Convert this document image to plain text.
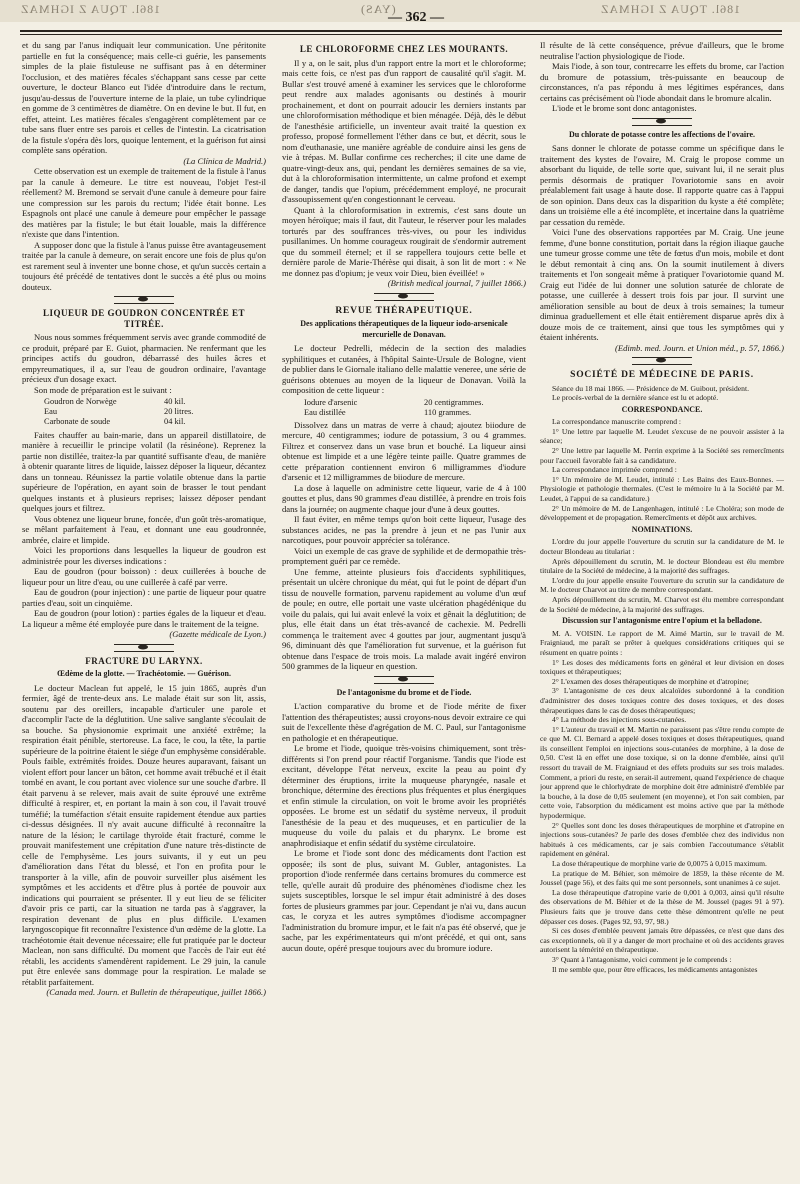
186l. TQUA Z IGHMAZ	(YAS)	186l. TQUA Z IGHMAZ
— 362 —

et du sang par l'anus indiquait leur communication. Une péritonite partielle en fut la conséquence; mais celle-ci guérie, les pansements simples de la plaie fistuleuse ne suffisant pas à en déterminer l'occlusion, et des matières fécales s'échappant sans cesse par cette ouverture, le docteur Blanco eut l'idée d'introduire dans le rectum, jusqu'au-dessus de l'ouverture interne de la plaie, un tube cylindrique en gomme de 3 centimètres de diamètre. On en devine le but. Il fut, en effet, atteint. Les matières fécales s'engagèrent complètement par ce tube sans fluer entre ses parois et celles de l'intestin. La cicatrisation de la fistule s'opéra dès lors, quoique lentement, et la guérison fut ainsi complète sans opération.

(La Clínica de Madrid.)

Cette observation est un exemple de traitement de la fistule à l'anus par la canule à demeure. Le titre est nouveau, l'objet l'est-il réellement? M. Bremond se servait d'une canule à demeure pour faire une compression sur les parois du rectum; l'idée était bonne. Les Espagnols ont placé une canule à demeure pour empêcher le passage des matières par la fistule; le but était louable, mais la différence n'existe que dans l'intention.

A supposer donc que la fistule à l'anus puisse être avantageusement traitée par la canule à demeure, on serait encore une fois de plus qu'on est rarement seul à inventer une bonne chose, et qu'un succès certain a toujours été précédé de tentatives dont le succès a été plus ou moins douteux.

LIQUEUR DE GOUDRON CONCENTRÉE ET TITRÉE.

Nous nous sommes fréquemment servis avec grande commodité de ce produit, préparé par E. Guiot, pharmacien. Ne renfermant que les principes actifs du goudron, débarrassé des huiles âcres et empyreumatiques, il a, sur l'eau de goudron ordinaire, l'avantage précieux d'un dosage exact.

Son mode de préparation est le suivant :

Goudron de Norwège	40 kil.
Eau	20 litres.
Carbonate de soude	04 kil.

Faites chauffer au bain-marie, dans un appareil distillatoire, de manière à recueillir le principe volatil (la résinéone). Reprenez la partie non distillée, traitez-la par quantité suffisante d'eau, de manière à obtenir quarante litres de liquide, laissez déposer la liqueur, décantez dans un tonneau. Réunissez la partie volatile obtenue dans la partie supérieure de l'opération, en ayant soin de brasser le tout pendant quelques instants et à plusieurs reprises; laissez déposer pendant quelques jours et filtrez.

Vous obtenez une liqueur brune, foncée, d'un goût très-aromatique, se mêlant parfaitement à l'eau, et donnant une eau goudronnée, ambrée, claire et limpide.

Voici les proportions dans lesquelles la liqueur de goudron est administrée pour les diverses indications :

Eau de goudron (pour boisson) : deux cuillerées à bouche de liqueur pour un litre d'eau, ou une cuillerée à café par verre.

Eau de goudron (pour injection) : une partie de liqueur pour quatre parties d'eau, soit un cinquième.

Eau de goudron (pour lotion) : parties égales de la liqueur et d'eau. La liqueur a même été employée pure dans le traitement de la teigne.

(Gazette médicale de Lyon.)
FRACTURE DU LARYNX.
Œdème de la glotte. — Trachéotomie. — Guérison.

Le docteur Maclean fut appelé, le 15 juin 1865, auprès d'un fermier, âgé de trente-deux ans. Le malade était sur son lit, assis, soutenu par des oreillers, incapable d'articuler une parole et d'accomplir l'acte de la déglutition. Une salive sanglante s'écoulait de sa bouche. Sa physionomie exprimait une anxiété extrême; la respiration était pénible, stertoreuse. La face, le cou, la tête, la partie supérieure de la poitrine étaient le siége d'un emphysème considérable. Pouls faible, extrémités froides. Douze heures auparavant, faisant un violent effort pour lancer un bâton, cet homme avait trébuché et il était tombé en avant, le cou portant avec violence sur une souche d'arbre. Il était parvenu à se relever, mais avait de suite éprouvé une extrême difficulté à respirer, et, en portant la main à son cou, il l'avait trouvé tuméfié; la tuméfaction s'était ensuite rapidement étendue aux parties ci-dessus désignées. Il n'y avait aucune difficulté à reconnaître la nature de la lésion; le cartilage thyroïde était fracturé, comme le prouvait manifestement une crépitation d'une nature très-distincte de celle de l'emphysème. Les jours suivants, il y eut un peu d'amélioration dans l'état du blessé, et l'on en profita pour le transporter à la ville, afin de pouvoir surveiller plus aisément les symptômes et les accidents et d'être plus à portée de pouvoir aux indications qui pourraient se présenter. Il y eut lieu de se féliciter d'avoir pris ce parti, car la situation ne tarda pas à s'aggraver, la respiration devenant de plus en plus difficile. L'examen laryngoscopique fit reconnaître l'existence d'un œdème de la glotte. La trachéotomie était devenue nécessaire; elle fut pratiquée par le docteur Maclean, non sans difficulté. Du moment que l'accès de l'air eut été rétabli, les accidents s'amendèrent rapidement. Le 29 juin, la canule put être enlevée sans dommage pour la respiration. Le malade se rétablit parfaitement.

(Canada med. Journ. et Bulletin de thérapeutique, juillet 1866.)
LE CHLOROFORME CHEZ LES MOURANTS.

Il y a, on le sait, plus d'un rapport entre la mort et le chloroforme; mais cette fois, ce n'est pas d'un rapport de causalité qu'il s'agit. M. Bullar s'est trouvé amené à examiner les services que le chloroforme peut rendre aux malades agonisants ou destinés à mourir prochainement, et dont on pourrait adoucir les derniers instants par une chloroformisation méthodique et bien ménagée. Déjà, dès le début de l'anesthésie artificielle, un inventeur avait traité la question ex professo, proposé formellement l'éther dans ce but, et décrit, sous le nom d'euthanasie, une manière agréable de conduire ainsi les gens de vie à trépas. M. Bullar confirme ces recherches; il cite une dame de quatre-vingt-deux ans, qui, pendant les dernières semaines de sa vie, dut à la chloroformisation intermittente, un calme profond et exempt de danger, tandis que l'opium, précédemment employé, ne procurait d'assoupissement qu'en congestionnant le cerveau.

Quant à la chloroformisation in extremis, c'est sans doute un moyen héroïque; mais il faut, dit l'auteur, le réserver pour les malades torturés par des souffrances très-vives, ou pour les individus pusillanimes. Un homme courageux rougirait de s'endormir autrement que du sommeil éternel; et il se rappellera toujours cette belle et dernière parole de Marie-Thérèse qui disait, à son lit de mort : « Ne me donnez pas d'opium; je veux voir Dieu, bien éveillée! »

(British medical journal, 7 juillet 1866.)
REVUE THÉRAPEUTIQUE.
Des applications thérapeutiques de la liqueur iodo-arsenicale mercurielle de Donavan.

Le docteur Pedrelli, médecin de la section des maladies syphilitiques et cutanées, à l'hôpital Sainte-Ursule de Bologne, vient de publier dans le Giornale italiano delle malattie veneree, une série de guérisons obtenues au moyen de la liqueur de Donavan. Voilà la composition de cette liqueur :

Iodure d'arsenic	20 centigrammes.
Eau distillée	110 grammes.

Dissolvez dans un matras de verre à chaud; ajoutez biiodure de mercure, 40 centigrammes; iodure de potassium, 3 ou 4 grammes. Filtrez et conservez dans un vase brun et bouché. La liqueur ainsi obtenue est limpide et a une légère teinte paille. Quatre grammes de cette préparation contiennent environ 6 milligrammes d'iodure d'arsenic et 12 milligrammes de biiodure de mercure.

La dose à laquelle on administre cette liqueur, varie de 4 à 100 gouttes et plus, dans 90 grammes d'eau distillée, à prendre en trois fois dans la journée; on augmente chaque jour d'une à deux gouttes.

Il faut éviter, en même temps qu'on boit cette liqueur, l'usage des substances acides, ne pas la prendre à jeun et ne pas l'unir aux narcotiques, pour pouvoir apprécier sa tolérance.

Voici un exemple de cas grave de syphilide et de dermopathie très-promptement guéri par ce remède.

Une femme, atteinte plusieurs fois d'accidents syphilitiques, présentait un ulcère chronique du méat, qui fut le point de départ d'un tissu de nouvelle formation, parvenu rapidement au volume d'un œuf de poule; en outre, elle portait une vaste ulcération phagédénique du voile du palais, qui lui avait enlevé la voix et gênait la déglutition; de plus, elle était dans un état très-avancé de cachexie. M. Pedrelli commença le traitement avec 4 gouttes par jour, augmentant jusqu'à 96, diminuant dès que l'amélioration fut survenue, et la guérison fut obtenue dans l'espace de trois mois. La malade avait ingéré environ 500 grammes de la liqueur en question.

De l'antagonisme du brome et de l'iode.

L'action comparative du brome et de l'iode mérite de fixer l'attention des thérapeutistes; aussi croyons-nous devoir extraire ce qui suit de l'excellente thèse d'agrégation de M. C. Paul, sur l'antagonisme en pathologie et en thérapeutique.

Le brome et l'iode, quoique très-voisins chimiquement, sont très-différents si l'on prend pour réactif l'organisme. Tandis que l'iode est excitant, développe l'état nerveux, excite la peau au point d'y déterminer des éruptions, irrite la muqueuse pharyngée, nasale et bronchique, détermine des érections plus fréquentes et plus énergiques et enfin stimule la circulation, on voit le brome avoir les propriétés opposées. Le brome est un sédatif du système nerveux, il produit l'anesthésie de la peau et des muqueuses, et en particulier de la muqueuse du voile du palais et du pharynx. Le brome est anaphrodisiaque et enfin sédatif du système circulatoire.

Le brome et l'iode sont donc des médicaments dont l'action est opposée; ils sont de plus, suivant M. Gubler, antagonistes. La proportion d'iode renfermée dans certains bromures du commerce est telle, qu'elle aurait dû produire des phénomènes d'iodisme chez les sujets susceptibles, lorsque le sel impur était administré à des doses fortes de plusieurs grammes par jour. Cependant je n'ai vu, dans aucun cas, le coryza et les autres symptômes d'iodisme accompagner l'administration du bromure impur, et le fait n'a pas été observé, que je sache, par les expérimentateurs qui m'ont précédé, et qui ont, sans aucun doute, opéré presque toujours avec du bromure iodure.

Il résulte de là cette conséquence, prévue d'ailleurs, que le brome neutralise l'action physiologique de l'iode.

Mais l'iode, à son tour, contrecarre les effets du brome, car l'action du bromure de potassium, très-puissante en beaucoup de circonstances, n'a pas répondu à mes légitimes espérances, dans certains cas précisément où l'iode abondait dans le bromure alcalin.

L'iode et le brome sont donc antagonistes.

Du chlorate de potasse contre les affections de l'ovaire.

Sans donner le chlorate de potasse comme un spécifique dans le traitement des kystes de l'ovaire, M. Craig le propose comme un absorbant du liquide, de telle sorte que, suivant lui, il ne serait plus permis désormais de pratiquer l'ovariotomie sans en avoir préalablement fait usage à haute dose. Il rapporte quatre cas à l'appui de son opinion. Dans deux cas la disparition du kyste a été complète; dans un troisième elle a été incomplète, et incertaine dans la quatrième par cessation du remède.

Voici l'une des observations rapportées par M. Craig. Une jeune femme, d'une bonne constitution, portait dans la région iliaque gauche une tumeur grosse comme une tête de fœtus d'un mois, mobile et dont le début remontait à cinq ans. On la soumit inutilement à divers traitements et l'on songeait même à pratiquer l'ovariotomie quand M. Craig eut l'idée de lui donner une solution saturée de chlorate de potasse, une cuillerée à dessert trois fois par jour. Il survint une amélioration sensible au bout de deux à trois semaines; la tumeur diminua graduellement et elle était entièrement disparue après dix à douze mois de ce traitement, ainsi que tous les symptômes qui y étaient inhérents.

(Edimb. med. Journ. et Union méd., p. 57, 1866.)
SOCIÉTÉ DE MÉDECINE DE PARIS.

Séance du 18 mai 1866. — Présidence de M. Guibout, président.

Le procès-verbal de la dernière séance est lu et adopté.

CORRESPONDANCE.

La correspondance manuscrite comprend :

1° Une lettre par laquelle M. Leudet s'excuse de ne pouvoir assister à la séance;

2° Une lettre par laquelle M. Perrin exprime à la Société ses remercîments pour l'accueil favorable fait à sa candidature.

La correspondance imprimée comprend :

1° Un mémoire de M. Leudet, intitulé : Les Bains des Eaux-Bonnes. — Physiologie et pathologie thermales. (C'est le mémoire lu à la Société par M. Leudet, à l'appui de sa candidature.)

2° Un mémoire de M. de Langenhagen, intitulé : Le Choléra; son mode de développement et de propagation. Remercîments et dépôt aux archives.

NOMINATIONS.

L'ordre du jour appelle l'ouverture du scrutin sur la candidature de M. le docteur Blondeau au titulariat :

Après dépouillement du scrutin, M. le docteur Blondeau est élu membre titulaire de la Société de médecine, à la majorité des suffrages.

L'ordre du jour appelle ensuite l'ouverture du scrutin sur la candidature de M. le docteur Charvot au titre de membre correspondant.

Après dépouillement du scrutin, M. Charvot est élu membre correspondant de la Société de médecine, à la majorité des suffrages.

Discussion sur l'antagonisme entre l'opium et la belladone.

M. A. VOISIN. Le rapport de M. Aimé Martin, sur le travail de M. Fraigniaud, me paraît se prêter à quelques considérations critiques qui se résument en quatre points :

1° Les doses des médicaments forts en général et leur division en doses toxiques et thérapeutiques;

2° L'examen des doses thérapeutiques de morphine et d'atropine;

3° L'antagonisme de ces deux alcaloïdes subordonné à la condition d'administrer des doses toxiques contre des doses toxiques, et des doses thérapeutiques dans le cas de doses thérapeutiques;

4° La méthode des injections sous-cutanées.

1° L'auteur du travail et M. Martin ne paraissent pas s'être rendu compte de ce que M. Cl. Bernard a appelé doses toxiques et doses thérapeutiques, quand ils conseillent l'emploi en injections sous-cutanées de morphine, à la dose de 0,50. C'est là en effet une dose toxique, si on la donne d'emblée, ainsi qu'il ressort du travail de M. Fraigniaud et des effets produits sur ses trois malades. Comment, a priori du reste, en serait-il autrement, quand l'expérience de chaque jour apprend que le chlorhydrate de morphine doit être administré d'emblée par la bouche, à la dose de 0,05 seulement (en moyenne), et l'on sait combien, par cette voie, l'absorption du médicament est moins active que par la méthode hypodermique.

2° Quelles sont donc les doses thérapeutiques de morphine et d'atropine en injections sous-cutanées? Je parle des doses d'emblée chez des individus non habitués à ces médicaments, car je sais combien l'accoutumance s'établit rapidement en général.

La dose thérapeutique de morphine varie de 0,0075 à 0,015 maximum.

La pratique de M. Béhier, son mémoire de 1859, la thèse récente de M. Joussel (page 56), et des faits qui me sont personnels, sont unanimes à ce sujet.

La dose thérapeutique d'atropine varie de 0,001 à 0,003, ainsi qu'il résulte des observations de M. Béhier et de la thèse de M. Joussel (pages 91 à 97). Plusieurs faits que je trouve dans cette thèse démontrent qu'elle ne peut dépasser ces doses. (Pages 92, 93, 97, 98.)

Si ces doses d'emblée peuvent jamais être dépassées, ce n'est que dans des cas exceptionnels, où il y a danger de mort prochaine et où des accidents graves autorisent la témérité en thérapeutique.

3° Quant à l'antagonisme, voici comment je le comprends :

Il me semble que, pour être efficaces, les médicaments antagonistes
